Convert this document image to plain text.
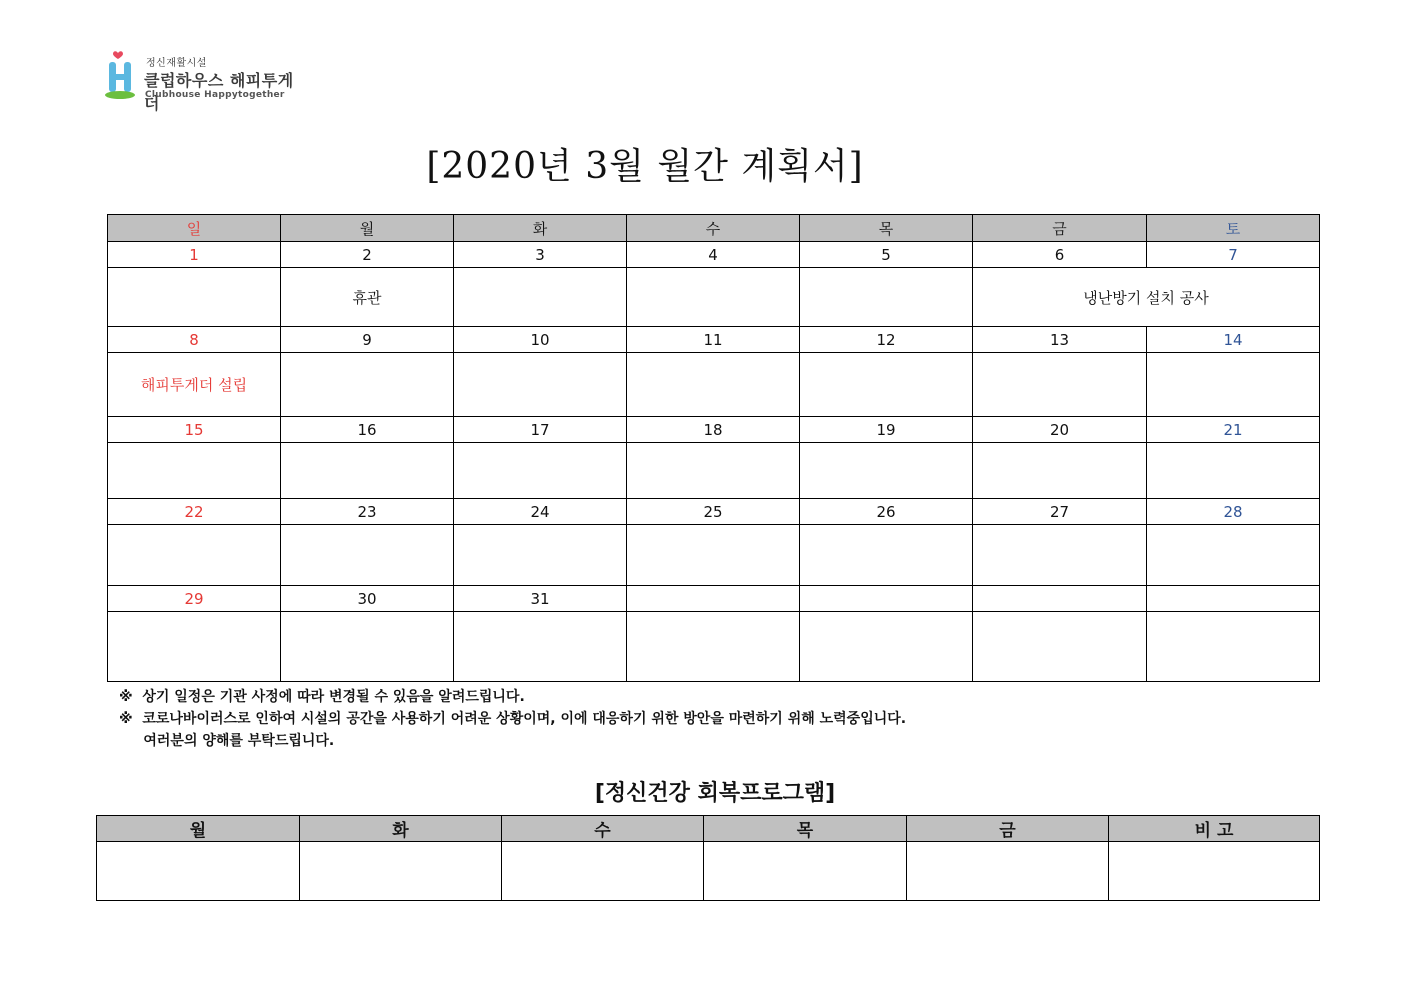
정신재활시설
클럽하우스 해피투게더
Clubhouse Happytogether
[2020년 3월 월간 계획서]
일	월	화	수	목	금	토
1	2	3	4	5	6	7
	휴관				냉난방기 설치 공사	
8	9	10	11	12	13	14
해피투게더 설립						
15	16	17	18	19	20	21

22	23	24	25	26	27	28

29	30	31				

※  상기 일정은 기관 사정에 따라 변경될 수 있음을 알려드립니다.
※  코로나바이러스로 인하여 시설의 공간을 사용하기 어려운 상황이며, 이에 대응하기 위한 방안을 마련하기 위해 노력중입니다.
여러분의 양해를 부탁드립니다.
[정신건강 회복프로그램]
월	화	수	목	금	비 고
